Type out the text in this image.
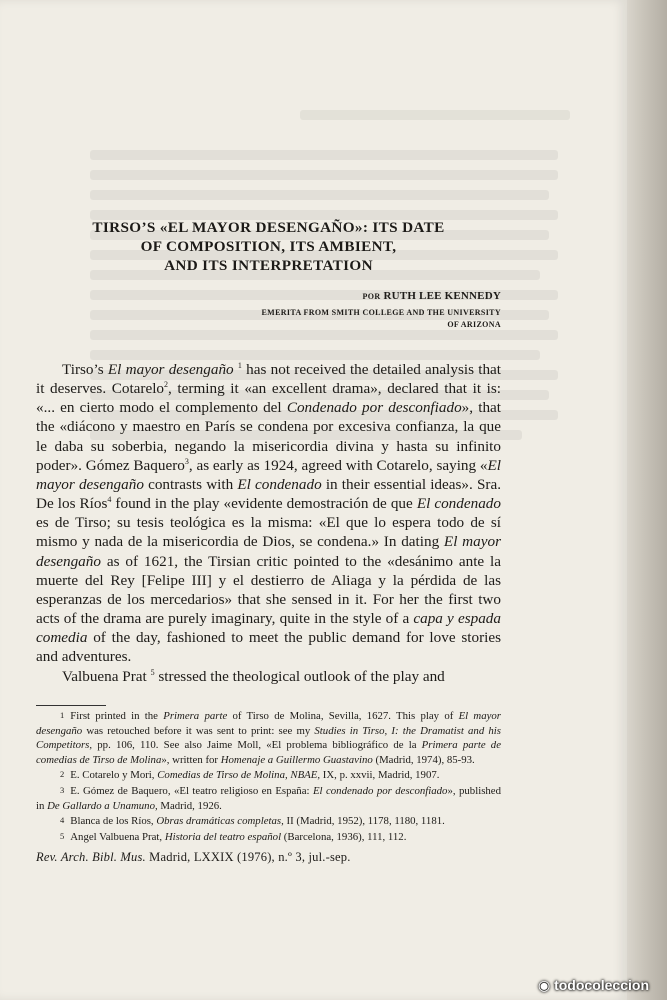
TIRSO’S «EL MAYOR DESENGAÑO»: ITS DATE
OF COMPOSITION, ITS AMBIENT,
AND ITS INTERPRETATION
POR RUTH LEE KENNEDY
EMERITA FROM SMITH COLLEGE AND THE UNIVERSITY
OF ARIZONA

Tirso’s El mayor desengaño $^1$ has not received the detailed analysis that it deserves. Cotarelo$^2$, terming it «an excellent drama», declared that it is: «... en cierto modo el complemento del Condenado por desconfiado», that the «diácono y maestro en París se condena por excesiva confianza, la que le daba su soberbia, negando la misericordia divina y hasta su infinito poder». Gómez Baquero$^3$, as early as 1924, agreed with Cotarelo, saying «El mayor desengaño contrasts with El condenado in their essential ideas». Sra. De los Ríos$^4$ found in the play «evidente demostración de que El condenado es de Tirso; su tesis teológica es la misma: «El que lo espera todo de sí mismo y nada de la misericordia de Dios, se condena.» In dating El mayor desengaño as of 1621, the Tirsian critic pointed to the «desánimo ante la muerte del Rey [Felipe III] y el destierro de Aliaga y la pérdida de las esperanzas de los mercedarios» that she sensed in it. For her the first two acts of the drama are purely imaginary, quite in the style of a capa y espada comedia of the day, fashioned to meet the public demand for love stories and adventures.

Valbuena Prat $^5$ stressed the theological outlook of the play and

1 First printed in the Primera parte of Tirso de Molina, Sevilla, 1627. This play of El mayor desengaño was retouched before it was sent to print: see my Studies in Tirso, I: the Dramatist and his Competitors, pp. 106, 110. See also Jaime Moll, «El problema bibliográfico de la Primera parte de comedias de Tirso de Molina», written for Homenaje a Guillermo Guastavino (Madrid, 1974), 85-93.

2 E. Cotarelo y Mori, Comedias de Tirso de Molina, NBAE, IX, p. xxvii, Madrid, 1907.

3 E. Gómez de Baquero, «El teatro religioso en España: El condenado por desconfiado», published in De Gallardo a Unamuno, Madrid, 1926.

4 Blanca de los Ríos, Obras dramáticas completas, II (Madrid, 1952), 1178, 1180, 1181.

5 Angel Valbuena Prat, Historia del teatro español (Barcelona, 1936), 111, 112.

Rev. Arch. Bibl. Mus. Madrid, LXXIX (1976), n.º 3, jul.-sep.
◉ todocoleccion
